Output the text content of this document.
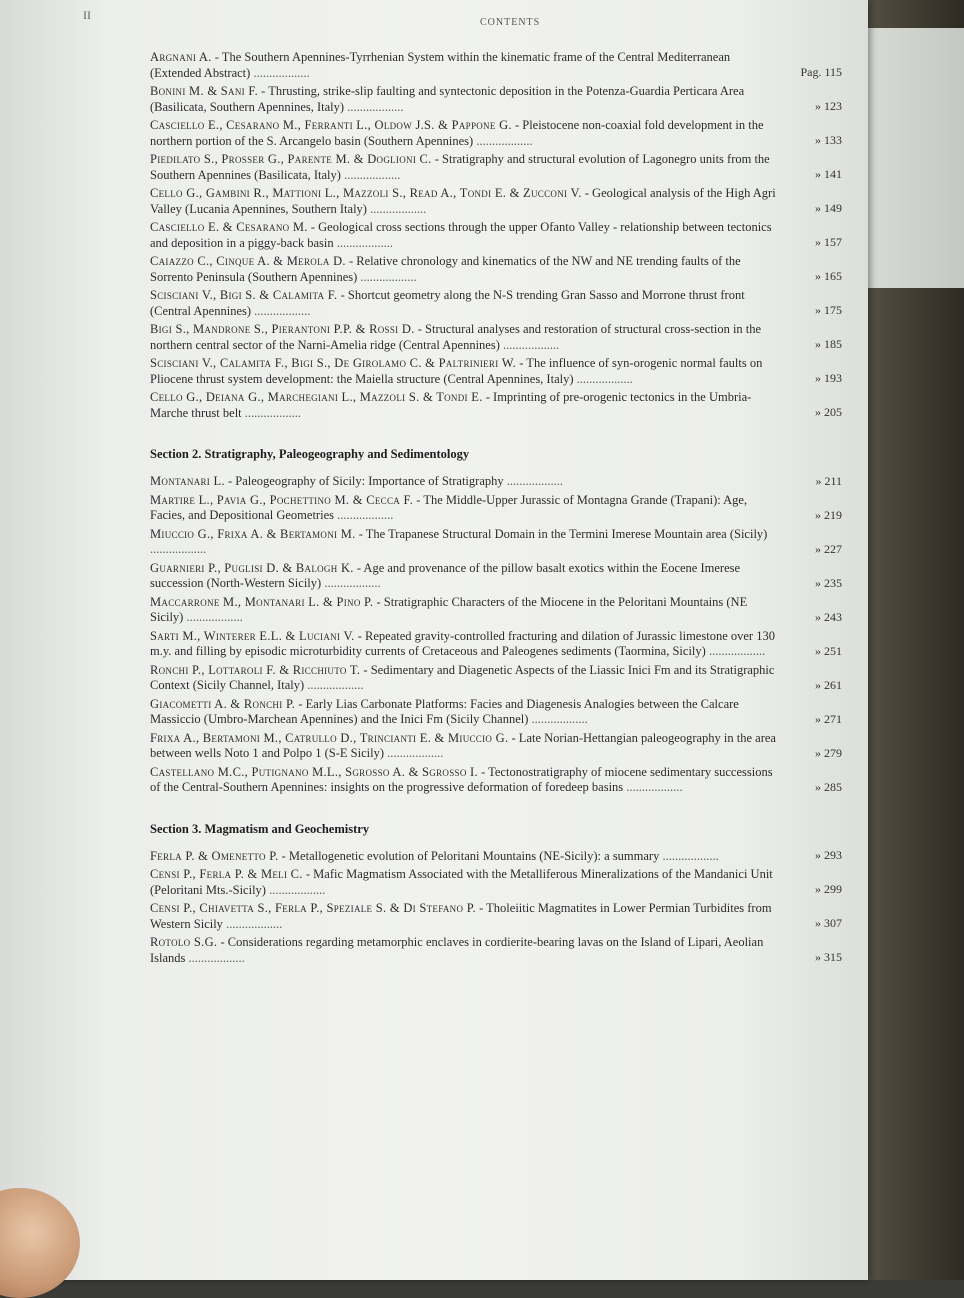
II
CONTENTS
Argnani A. - The Southern Apennines-Tyrrhenian System within the kinematic frame of the Central Mediterranean (Extended Abstract) ..................	Pag. 115
Bonini M. & Sani F. - Thrusting, strike-slip faulting and syntectonic deposition in the Potenza-Guardia Perticara Area (Basilicata, Southern Apennines, Italy) ..................	» 123
Casciello E., Cesarano M., Ferranti L., Oldow J.S. & Pappone G. - Pleistocene non-coaxial fold development in the northern portion of the S. Arcangelo basin (Southern Apennines) ..................	» 133
Piedilato S., Prosser G., Parente M. & Doglioni C. - Stratigraphy and structural evolution of Lagonegro units from the Southern Apennines (Basilicata, Italy) ..................	» 141
Cello G., Gambini R., Mattioni L., Mazzoli S., Read A., Tondi E. & Zucconi V. - Geological analysis of the High Agri Valley (Lucania Apennines, Southern Italy) ..................	» 149
Casciello E. & Cesarano M. - Geological cross sections through the upper Ofanto Valley - relationship between tectonics and deposition in a piggy-back basin ..................	» 157
Caiazzo C., Cinque A. & Merola D. - Relative chronology and kinematics of the NW and NE trending faults of the Sorrento Peninsula (Southern Apennines) ..................	» 165
Scisciani V., Bigi S. & Calamita F. - Shortcut geometry along the N-S trending Gran Sasso and Morrone thrust front (Central Apennines) ..................	» 175
Bigi S., Mandrone S., Pierantoni P.P. & Rossi D. - Structural analyses and restoration of structural cross-section in the northern central sector of the Narni-Amelia ridge (Central Apennines) ..................	» 185
Scisciani V., Calamita F., Bigi S., De Girolamo C. & Paltrinieri W. - The influence of syn-orogenic normal faults on Pliocene thrust system development: the Maiella structure (Central Apennines, Italy) ..................	» 193
Cello G., Deiana G., Marchegiani L., Mazzoli S. & Tondi E. - Imprinting of pre-orogenic tectonics in the Umbria-Marche thrust belt ..................	» 205
Section 2. Stratigraphy, Paleogeography and Sedimentology
Montanari L. - Paleogeography of Sicily: Importance of Stratigraphy ..................	» 211
Martire L., Pavia G., Pochettino M. & Cecca F. - The Middle-Upper Jurassic of Montagna Grande (Trapani): Age, Facies, and Depositional Geometries ..................	» 219
Miuccio G., Frixa A. & Bertamoni M. - The Trapanese Structural Domain in the Termini Imerese Mountain area (Sicily) ..................	» 227
Guarnieri P., Puglisi D. & Balogh K. - Age and provenance of the pillow basalt exotics within the Eocene Imerese succession (North-Western Sicily) ..................	» 235
Maccarrone M., Montanari L. & Pino P. - Stratigraphic Characters of the Miocene in the Peloritani Mountains (NE Sicily) ..................	» 243
Sarti M., Winterer E.L. & Luciani V. - Repeated gravity-controlled fracturing and dilation of Jurassic limestone over 130 m.y. and filling by episodic microturbidity currents of Cretaceous and Paleogenes sediments (Taormina, Sicily) ..................	» 251
Ronchi P., Lottaroli F. & Ricchiuto T. - Sedimentary and Diagenetic Aspects of the Liassic Inici Fm and its Stratigraphic Context (Sicily Channel, Italy) ..................	» 261
Giacometti A. & Ronchi P. - Early Lias Carbonate Platforms: Facies and Diagenesis Analogies between the Calcare Massiccio (Umbro-Marchean Apennines) and the Inici Fm (Sicily Channel) ..................	» 271
Frixa A., Bertamoni M., Catrullo D., Trincianti E. & Miuccio G. - Late Norian-Hettangian paleogeography in the area between wells Noto 1 and Polpo 1 (S-E Sicily) ..................	» 279
Castellano M.C., Putignano M.L., Sgrosso A. & Sgrosso I. - Tectonostratigraphy of miocene sedimentary successions of the Central-Southern Apennines: insights on the progressive deformation of foredeep basins ..................	» 285
Section 3. Magmatism and Geochemistry
Ferla P. & Omenetto P. - Metallogenetic evolution of Peloritani Mountains (NE-Sicily): a summary ..................	» 293
Censi P., Ferla P. & Meli C. - Mafic Magmatism Associated with the Metalliferous Mineralizations of the Mandanici Unit (Peloritani Mts.-Sicily) ..................	» 299
Censi P., Chiavetta S., Ferla P., Speziale S. & Di Stefano P. - Tholeiitic Magmatites in Lower Permian Turbidites from Western Sicily ..................	» 307
Rotolo S.G. - Considerations regarding metamorphic enclaves in cordierite-bearing lavas on the Island of Lipari, Aeolian Islands ..................	» 315
